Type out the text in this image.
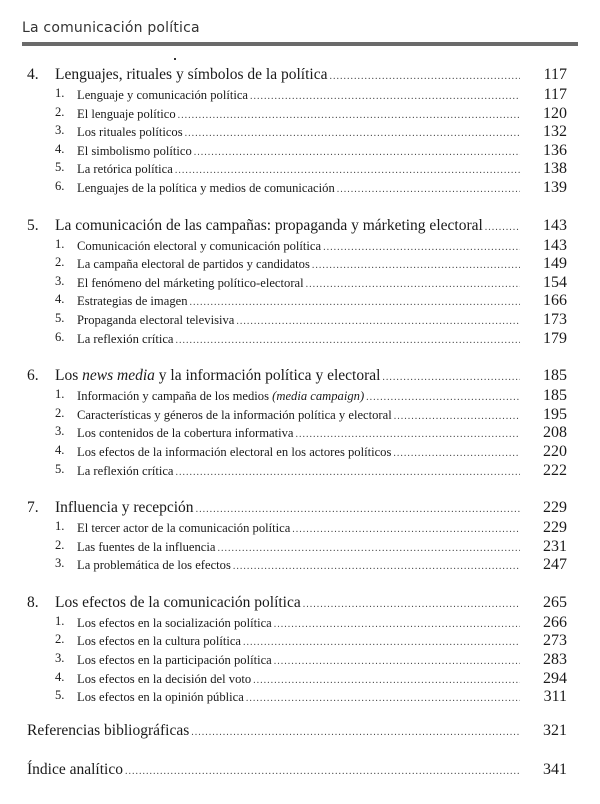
La comunicación política
4. Lenguajes, rituales y símbolos de la política .....	117
1. Lenguaje y comunicación política .....	117
2. El lenguaje político .....	120
3. Los rituales políticos .....	132
4. El simbolismo político .....	136
5. La retórica política .....	138
6. Lenguajes de la política y medios de comunicación .....	139
5. La comunicación de las campañas: propaganda y márketing electoral .....	143
1. Comunicación electoral y comunicación política .....	143
2. La campaña electoral de partidos y candidatos .....	149
3. El fenómeno del márketing político-electoral .....	154
4. Estrategias de imagen .....	166
5. Propaganda electoral televisiva .....	173
6. La reflexión crítica .....	179
6. Los news media y la información política y electoral .....	185
1. Información y campaña de los medios (media campaign) .....	185
2. Características y géneros de la información política y electoral .....	195
3. Los contenidos de la cobertura informativa .....	208
4. Los efectos de la información electoral en los actores políticos .....	220
5. La reflexión crítica .....	222
7. Influencia y recepción .....	229
1. El tercer actor de la comunicación política .....	229
2. Las fuentes de la influencia .....	231
3. La problemática de los efectos .....	247
8. Los efectos de la comunicación política .....	265
1. Los efectos en la socialización política .....	266
2. Los efectos en la cultura política .....	273
3. Los efectos en la participación política .....	283
4. Los efectos en la decisión del voto .....	294
5. Los efectos en la opinión pública .....	311
Referencias bibliográficas .....	321
Índice analítico .....	341
